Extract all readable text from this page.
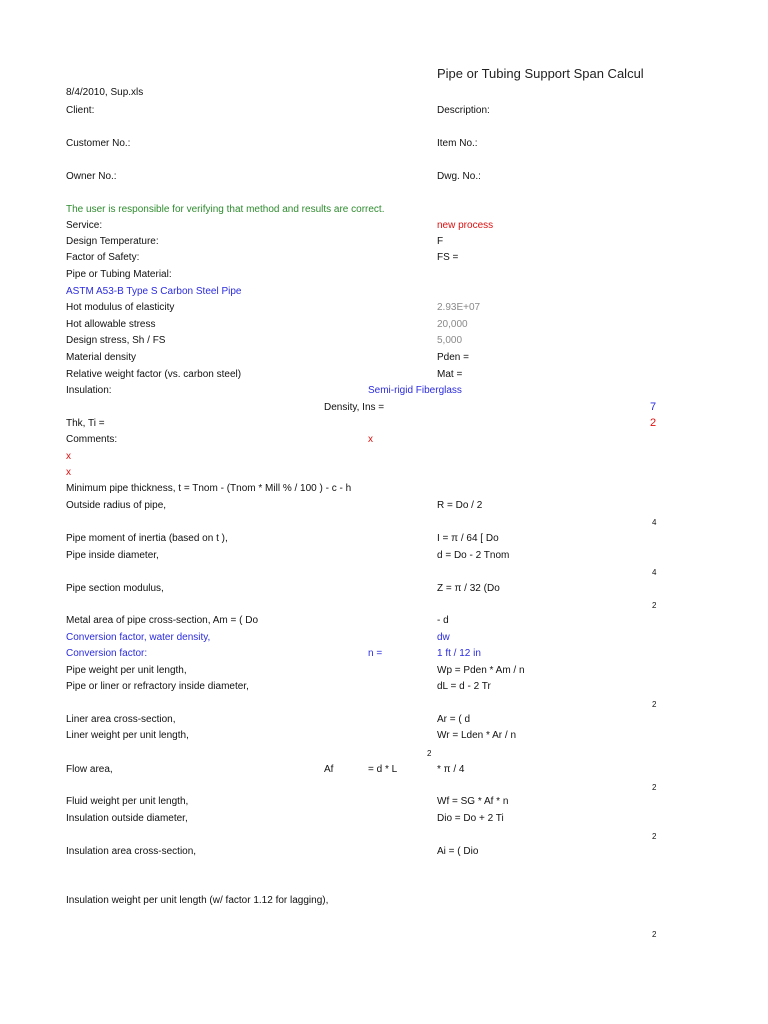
Pipe or Tubing Support Span Calcul
8/4/2010, Sup.xls
Client:	Description:
Customer No.:	Item No.:
Owner No.:	Dwg. No.:
The user is responsible for verifying that method and results are correct.
Service:	new process
Design Temperature:	F
Factor of Safety:	FS =
Pipe or Tubing Material:
ASTM A53-B Type S Carbon Steel Pipe
Hot modulus of elasticity	2.93E+07
Hot allowable stress	20,000
Design stress, Sh / FS	5,000
Material density	Pden =
Relative weight factor (vs. carbon steel)	Mat =
Insulation:	Semi-rigid Fiberglass
Density, Ins =	7
Thk, Ti =	2
Comments:	x
x
x
Minimum pipe thickness, t = Tnom - (Tnom * Mill % / 100 ) - c - h
Outside radius of pipe,	R = Do / 2
4
Pipe moment of inertia (based on t ),	I = π / 64 [ Do
Pipe inside diameter,	d = Do - 2 Tnom
4
Pipe section modulus,	Z = π / 32 (Do
2
Metal area of pipe cross-section, Am = ( Do	- d
Conversion factor, water density,	dw
Conversion factor:	n =	1 ft / 12 in
Pipe weight per unit length,	Wp = Pden * Am / n
Pipe or liner or refractory inside diameter,	dL = d - 2 Tr
2
Liner area cross-section,	Ar = ( d
Liner weight per unit length,	Wr = Lden * Ar / n
2
Flow area,	Af	= d * L	* π / 4
2
Fluid weight per unit length,	Wf = SG * Af * n
Insulation outside diameter,	Dio = Do + 2 Ti
2
Insulation area cross-section,	Ai = ( Dio
Insulation weight per unit length (w/ factor 1.12 for lagging),
2
